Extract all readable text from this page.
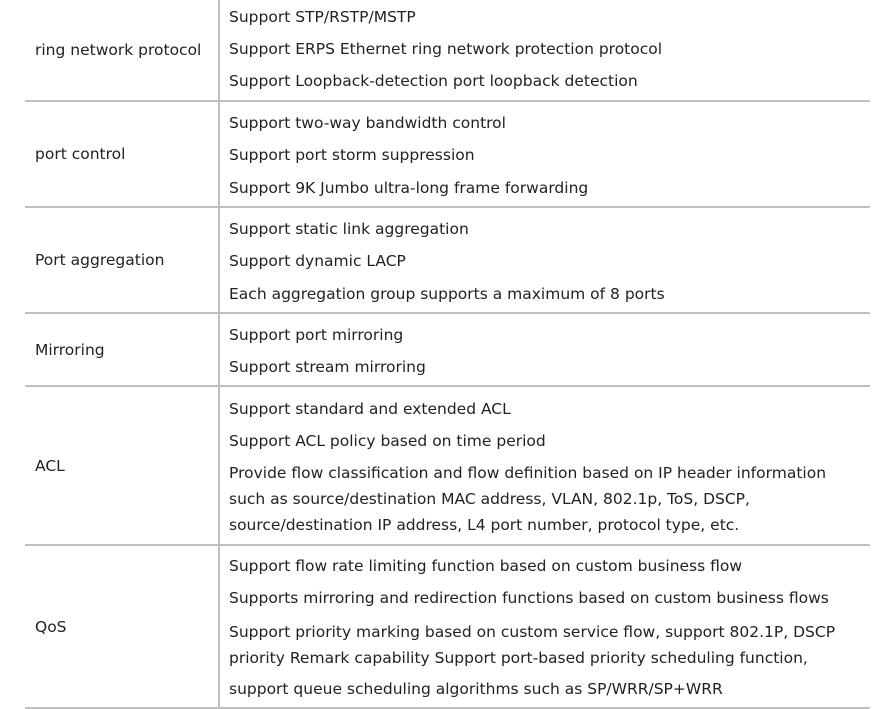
ring network protocol
Support STP/RSTP/MSTP
Support ERPS Ethernet ring network protection protocol
Support Loopback-detection port loopback detection
port control
Support two-way bandwidth control
Support port storm suppression
Support 9K Jumbo ultra-long frame forwarding
Port aggregation
Support static link aggregation
Support dynamic LACP
Each aggregation group supports a maximum of 8 ports
Mirroring
Support port mirroring
Support stream mirroring
ACL
Support standard and extended ACL
Support ACL policy based on time period
Provide flow classification and flow definition based on IP header information such as source/destination MAC address, VLAN, 802.1p, ToS, DSCP, source/destination IP address, L4 port number, protocol type, etc.
QoS
Support flow rate limiting function based on custom business flow
Supports mirroring and redirection functions based on custom business flows
Support priority marking based on custom service flow, support 802.1P, DSCP priority Remark capability Support port-based priority scheduling function,
support queue scheduling algorithms such as SP/WRR/SP+WRR
